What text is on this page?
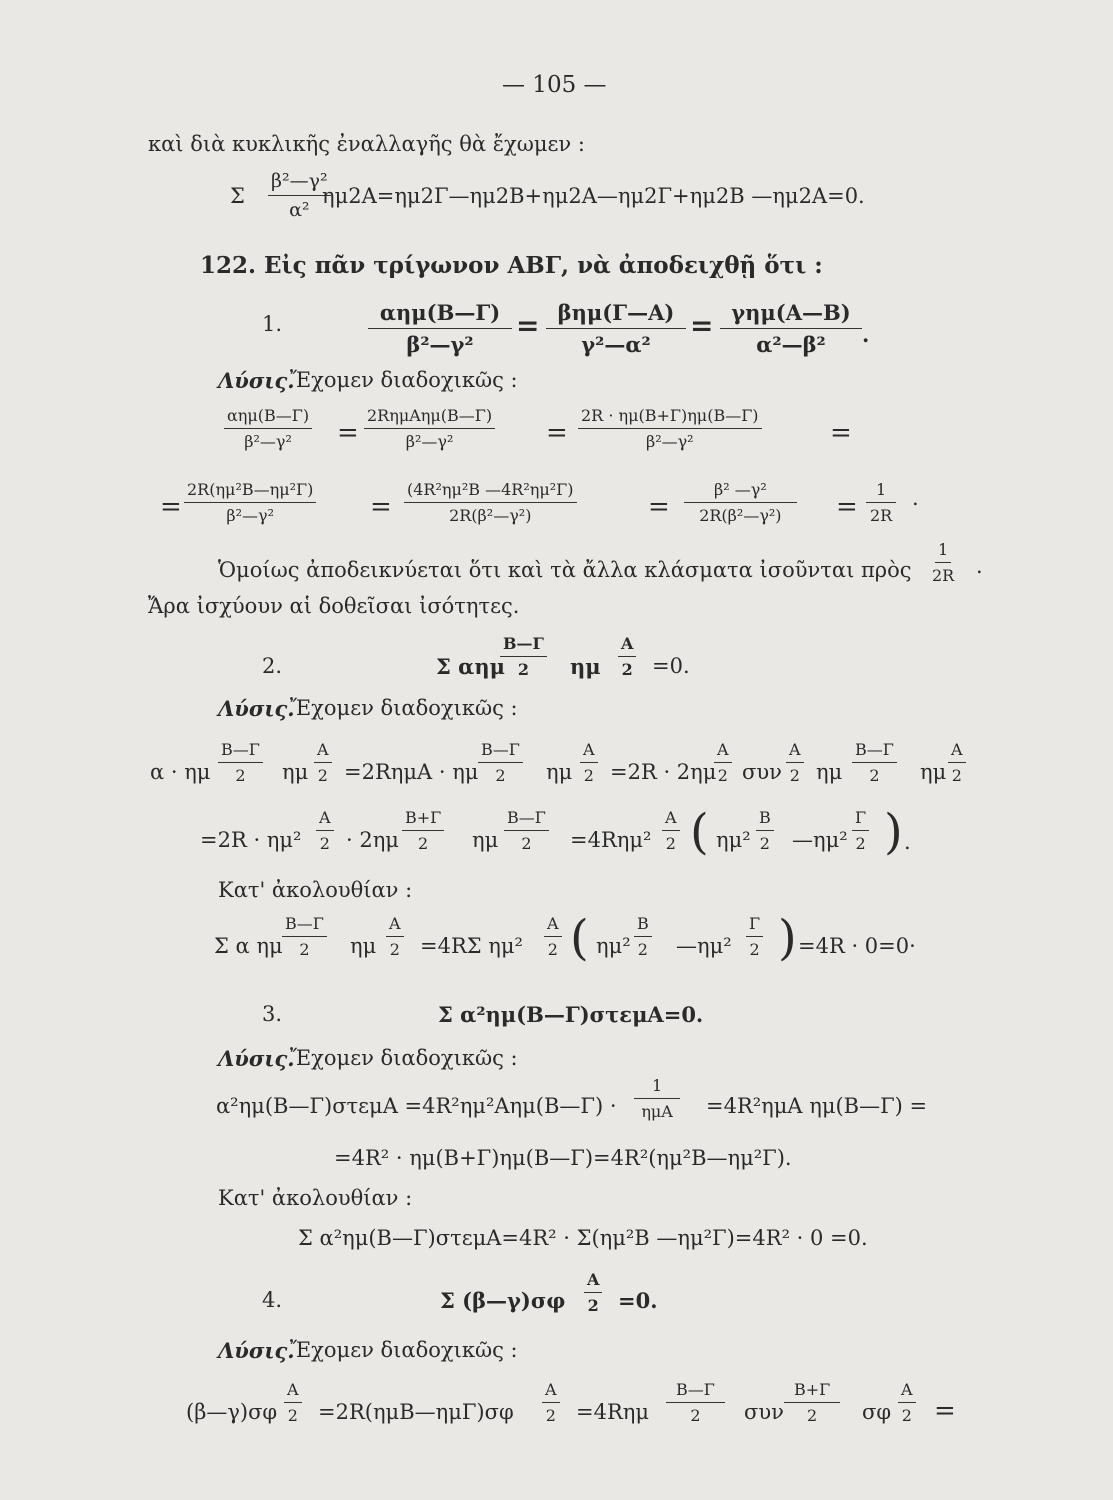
— 105 —
καὶ διὰ κυκλικῆς ἐναλλαγῆς θὰ ἔχωμεν :
Σ $\frac{\text{β²—γ²}}{\text{α²}}$
ημ2Α=ημ2Γ—ημ2Β+ημ2Α—ημ2Γ+ημ2Β —ημ2Α=0.
122. Εἰς πᾶν τρίγωνον ΑΒΓ, νὰ ἀποδειχθῇ ὅτι :
1.	αημ(Β—Γ)
β²—γ²
= βημ(Γ—Α)
γ²—α²
= γημ(Α—Β)
α²—β² .
Λύσις.
Ἔχομεν διαδοχικῶς :
αημ(Β—Γ)
β²—γ² =
2RημΑημ(Β—Γ)
β²—γ²	= $\frac{2R \cdot \eta\mu(B+\Gamma)\eta\mu(B—\Gamma)}{\text{β²—γ²}}$	=
= $\frac{\text{2R(ημ²Β—ημ²Γ)}}{\text{β²—γ²}} = \frac{\text{(4R²ημ²Β —4R²ημ²Γ)}}{\text{2R(β²—γ²)}}$	= $\frac{\text{β² —γ²}}{\text{2R(β²—γ²)}} = \frac{1}{2R}$ .
Ὁμοίως ἀποδεικνύεται ὅτι καὶ τὰ ἄλλα κλάσματα ἰσοῦνται πρὸς $\frac{1}{2R}$ .
Ἄρα ἰσχύουν αἱ δοθεῖσαι ἰσότητες.
2.	Σ αημ
$\frac{B—\Gamma}{2}$ ημ $\frac{A}{2} =0$.
Λύσις.
Ἔχομεν διαδοχικῶς :
α · ημ $\frac{B—\Gamma}{2}$ ημ $\frac{A}{2} =2R\eta\mu A \cdot \eta\mu \frac{B—\Gamma}{2}$ ημ $\frac{A}{2} =2R \cdot 2\eta\mu$
$\frac{A}{2}$ συν $\frac{A}{2}$ ημ $\frac{B—\Gamma}{2}$ ημ $\frac{A}{2}$
$=2R \cdot \eta\mu^2 \frac{A}{2} \cdot 2\eta\mu \frac{B+\Gamma}{2}$ ημ $\frac{B—\Gamma}{2} =4R\eta\mu^2 \frac{A}{2}$ ( $\eta\mu^2 \frac{B}{2}$ —ημ² $\frac{\Gamma}{2}$ ) .
Κατ' ἀκολουθίαν :
Σ α ημ $\frac{B—\Gamma}{2}$ ημ $\frac{A}{2} =4R\Sigma$ $\eta\mu^2 \frac{A}{2}$ ( $\eta\mu^2 \frac{B}{2}$ —ημ² $\frac{\Gamma}{2}$ ) =4R · 0=0·
3.	Σ α²ημ(Β—Γ)στεμΑ=0.
Λύσις.
Ἔχομεν διαδοχικῶς :
α²ημ(Β—Γ)στεμΑ =4R²ημ²Αημ(Β—Γ) ·
1
ημΑ =4R²ημΑ ημ(Β—Γ) =
=4R² · ημ(Β+Γ)ημ(Β—Γ)=4R²(ημ²Β—ημ²Γ).
Κατ' ἀκολουθίαν :
Σ α²ημ(Β—Γ)στεμΑ=4R² · Σ(ημ²Β —ημ²Γ)=4R² · 0 =0.
4.	Σ (β—γ)σφ $\frac{A}{2} =0$.
Λύσις.
Ἔχομεν διαδοχικῶς :
(β—γ)σφ $\frac{A}{2}$ =2R(ημΒ—ημΓ)σφ $\frac{A}{2} =4R\eta\mu \frac{B—\Gamma}{2}$ συν $\frac{B+\Gamma}{2}$ σφ $\frac{A}{2}$ =
